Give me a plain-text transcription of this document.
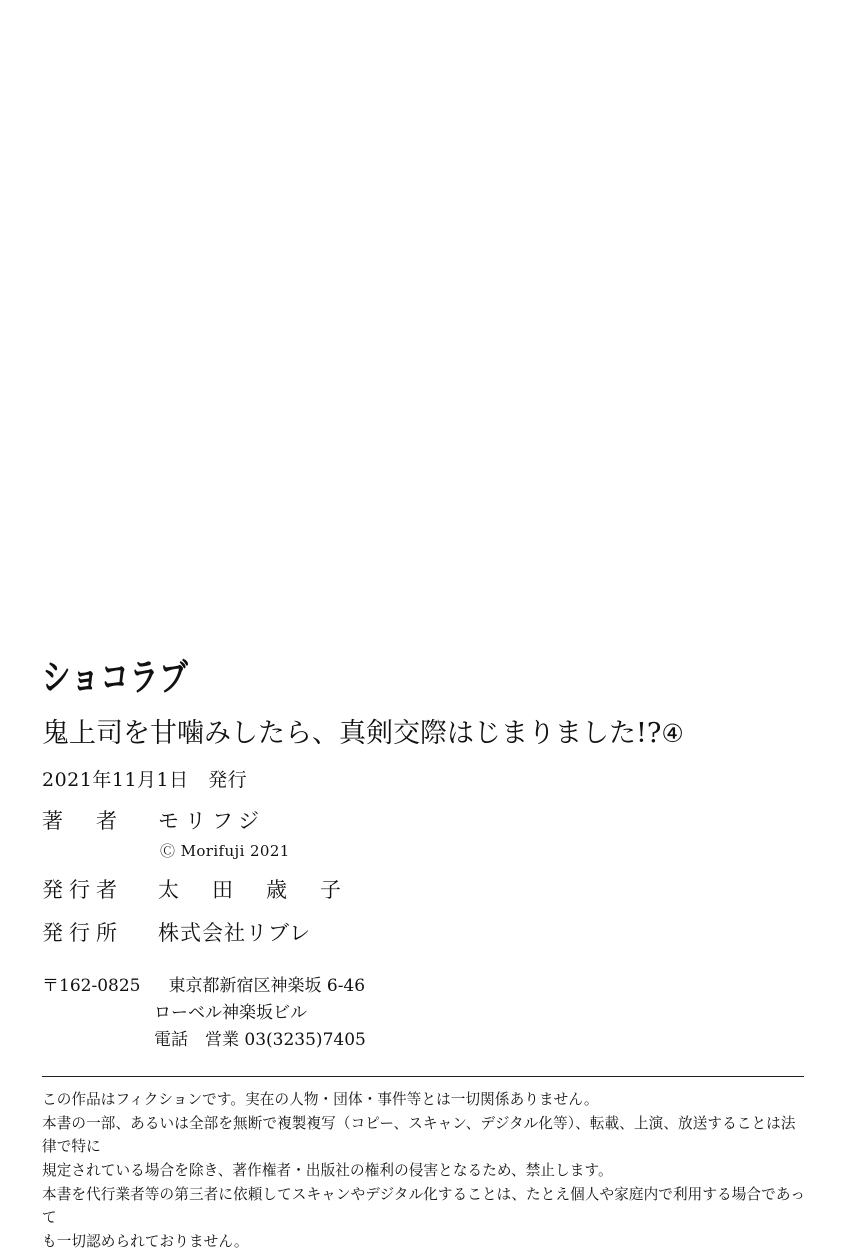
ショコラブ
鬼上司を甘噛みしたら、真剣交際はじまりました!?④
2021年11月1日　発行
著　者	モリフジ
Ⓒ Morifuji 2021
発行者	太　田　歳　子
発行所	株式会社リブレ
〒162-0825 東京都新宿区神楽坂 6-46
ローベル神楽坂ビル
電話　営業 03(3235)7405

この作品はフィクションです。実在の人物・団体・事件等とは一切関係ありません。

本書の一部、あるいは全部を無断で複製複写（コピー、スキャン、デジタル化等）、転載、上演、放送することは法律で特に

規定されている場合を除き、著作権者・出版社の権利の侵害となるため、禁止します。

本書を代行業者等の第三者に依頼してスキャンやデジタル化することは、たとえ個人や家庭内で利用する場合であって

も一切認められておりません。
